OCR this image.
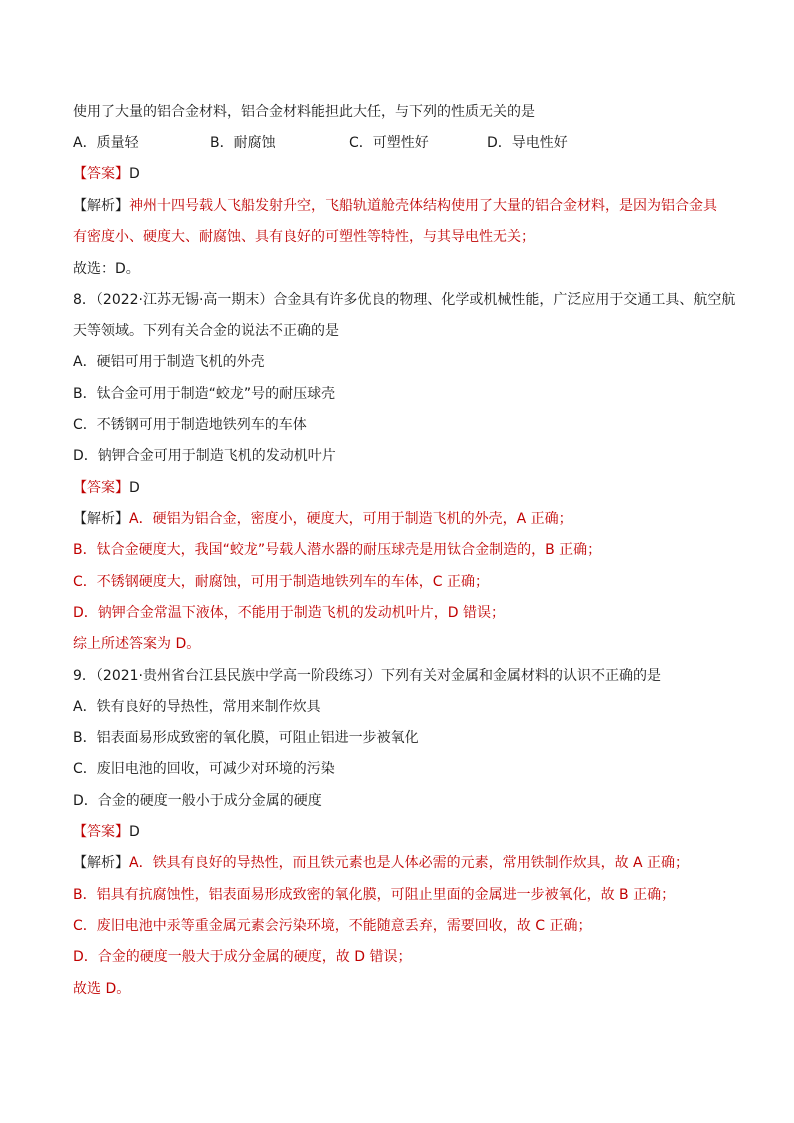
使用了大量的铝合金材料，铝合金材料能担此大任，与下列的性质无关的是

A．质量轻	B．耐腐蚀	C．可塑性好	D．导电性好

【答案】D

【解析】神州十四号载人飞船发射升空，飞船轨道舱壳体结构使用了大量的铝合金材料，是因为铝合金具

有密度小、硬度大、耐腐蚀、具有良好的可塑性等特性，与其导电性无关；

故选：D。

8．（2022·江苏无锡·高一期末）合金具有许多优良的物理、化学或机械性能，广泛应用于交通工具、航空航

天等领域。下列有关合金的说法不正确的是

A．硬铝可用于制造飞机的外壳

B．钛合金可用于制造“蛟龙”号的耐压球壳

C．不锈钢可用于制造地铁列车的车体

D．钠钾合金可用于制造飞机的发动机叶片

【答案】D

【解析】A．硬铝为铝合金，密度小，硬度大，可用于制造飞机的外壳，A 正确；

B．钛合金硬度大，我国“蛟龙”号载人潜水器的耐压球壳是用钛合金制造的，B 正确；

C．不锈钢硬度大，耐腐蚀，可用于制造地铁列车的车体，C 正确；

D．钠钾合金常温下液体，不能用于制造飞机的发动机叶片，D 错误；

综上所述答案为 D。

9．（2021·贵州省台江县民族中学高一阶段练习）下列有关对金属和金属材料的认识不正确的是

A．铁有良好的导热性，常用来制作炊具

B．铝表面易形成致密的氧化膜，可阻止铝进一步被氧化

C．废旧电池的回收，可减少对环境的污染

D．合金的硬度一般小于成分金属的硬度

【答案】D

【解析】A．铁具有良好的导热性，而且铁元素也是人体必需的元素，常用铁制作炊具，故 A 正确；

B．铝具有抗腐蚀性，铝表面易形成致密的氧化膜，可阻止里面的金属进一步被氧化，故 B 正确；

C．废旧电池中汞等重金属元素会污染环境，不能随意丢弃，需要回收，故 C 正确；

D．合金的硬度一般大于成分金属的硬度，故 D 错误；

故选 D。
